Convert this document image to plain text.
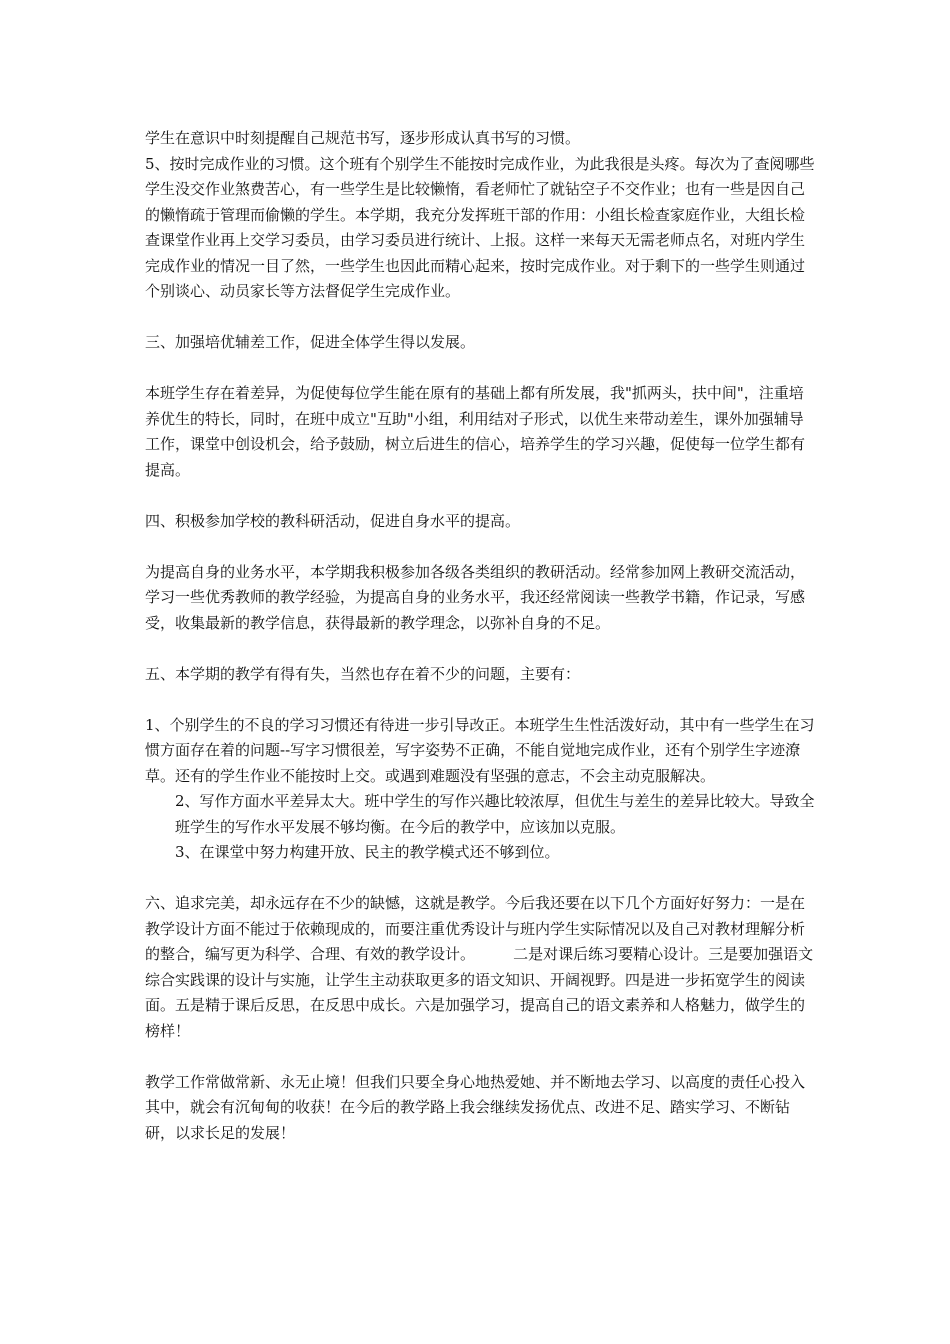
学生在意识中时刻提醒自己规范书写，逐步形成认真书写的习惯。

5、按时完成作业的习惯。这个班有个别学生不能按时完成作业，为此我很是头疼。每次为了查阅哪些学生没交作业煞费苦心，有一些学生是比较懒惰，看老师忙了就钻空子不交作业；也有一些是因自己的懒惰疏于管理而偷懒的学生。本学期，我充分发挥班干部的作用：小组长检查家庭作业，大组长检查课堂作业再上交学习委员，由学习委员进行统计、上报。这样一来每天无需老师点名，对班内学生完成作业的情况一目了然，一些学生也因此而精心起来，按时完成作业。对于剩下的一些学生则通过个别谈心、动员家长等方法督促学生完成作业。

三、加强培优辅差工作，促进全体学生得以发展。

本班学生存在着差异，为促使每位学生能在原有的基础上都有所发展，我"抓两头，扶中间"，注重培养优生的特长，同时，在班中成立"互助"小组，利用结对子形式，以优生来带动差生，课外加强辅导工作，课堂中创设机会，给予鼓励，树立后进生的信心，培养学生的学习兴趣，促使每一位学生都有提高。

四、积极参加学校的教科研活动，促进自身水平的提高。

为提高自身的业务水平，本学期我积极参加各级各类组织的教研活动。经常参加网上教研交流活动，学习一些优秀教师的教学经验，为提高自身的业务水平，我还经常阅读一些教学书籍，作记录，写感受，收集最新的教学信息，获得最新的教学理念，以弥补自身的不足。

五、本学期的教学有得有失，当然也存在着不少的问题，主要有：

1、个别学生的不良的学习习惯还有待进一步引导改正。本班学生生性活泼好动，其中有一些学生在习惯方面存在着的问题--写字习惯很差，写字姿势不正确，不能自觉地完成作业，还有个别学生字迹潦草。还有的学生作业不能按时上交。或遇到难题没有坚强的意志，不会主动克服解决。

2、写作方面水平差异太大。班中学生的写作兴趣比较浓厚，但优生与差生的差异比较大。导致全班学生的写作水平发展不够均衡。在今后的教学中，应该加以克服。

3、在课堂中努力构建开放、民主的教学模式还不够到位。

六、追求完美，却永远存在不少的缺憾，这就是教学。今后我还要在以下几个方面好好努力：一是在教学设计方面不能过于依赖现成的，而要注重优秀设计与班内学生实际情况以及自己对教材理解分析的整合，编写更为科学、合理、有效的教学设计。        二是对课后练习要精心设计。三是要加强语文综合实践课的设计与实施，让学生主动获取更多的语文知识、开阔视野。四是进一步拓宽学生的阅读面。五是精于课后反思，在反思中成长。六是加强学习，提高自己的语文素养和人格魅力，做学生的榜样！

教学工作常做常新、永无止境！但我们只要全身心地热爱她、并不断地去学习、以高度的责任心投入其中，就会有沉甸甸的收获！在今后的教学路上我会继续发扬优点、改进不足、踏实学习、不断钻研，以求长足的发展！
